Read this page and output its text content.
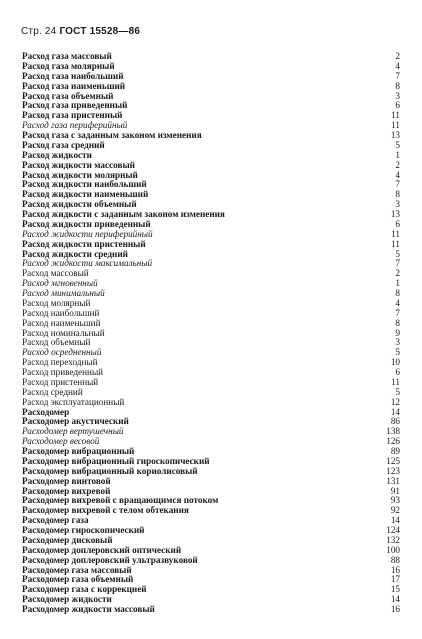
Стр. 24 ГОСТ 15528—86
Расход газа массовый	2
Расход газа молярный	4
Расход газа наибольший	7
Расход газа наименьший	8
Расход газа объемный	3
Расход газа приведенный	6
Расход газа пристенный	11
Расход газа периферийный	11
Расход газа с заданным законом изменения	13
Расход газа средний	5
Расход жидкости	1
Расход жидкости массовый	2
Расход жидкости молярный	4
Расход жидкости наибольший	7
Расход жидкости наименьший	8
Расход жидкости объемный	3
Расход жидкости с заданным законом изменения	13
Расход жидкости приведенный	6
Расход жидкости периферийный	11
Расход жидкости пристенный	11
Расход жидкости средний	5
Расход жидкости максимальный	7
Расход массовый	2
Расход мгновенный	1
Расход минимальный	8
Расход молярный	4
Расход наибольший	7
Расход наименьший	8
Расход номинальный	9
Расход объемный	3
Расход осредненный	5
Расход переходный	10
Расход приведенный	6
Расход пристенный	11
Расход средний	5
Расход эксплуатационный	12
Расходомер	14
Расходомер акустический	86
Расходомер вертушечный	138
Расходомер весовой	126
Расходомер вибрационный	89
Расходомер вибрационный гироскопический	125
Расходомер вибрационный кориолисовый	123
Расходомер винтовой	131
Расходомер вихревой	91
Расходомер вихревой с вращающимся потоком	93
Расходомер вихревой с телом обтекания	92
Расходомер газа	14
Расходомер гироскопический	124
Расходомер дисковый	132
Расходомер доплеровский оптический	100
Расходомер доплеровский ультразвуковой	88
Расходомер газа массовый	16
Расходомер газа объемный	17
Расходомер газа с коррекцией	15
Расходомер жидкости	14
Расходомер жидкости массовый	16
